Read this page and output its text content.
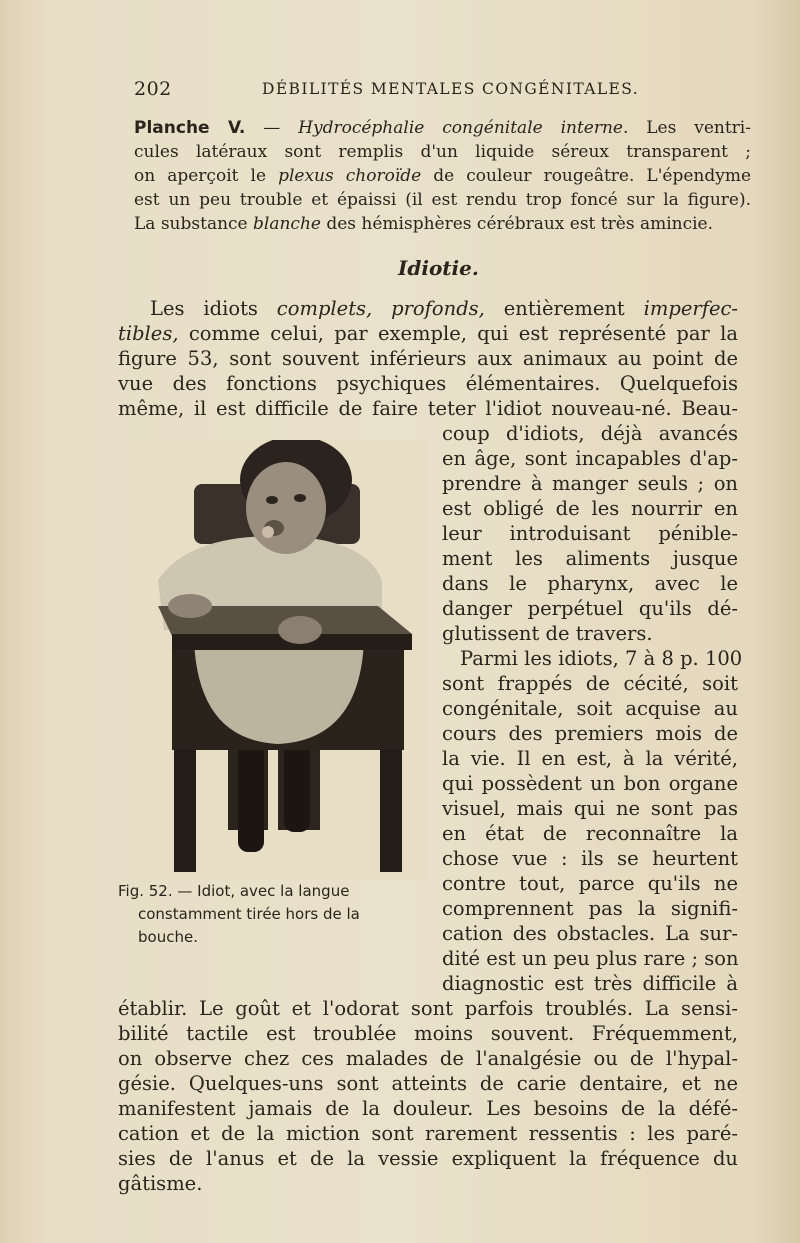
202	DÉBILITÉS MENTALES CONGÉNITALES.
Planche V. — Hydrocéphalie congénitale interne. Les ventri-
cules latéraux sont remplis d'un liquide séreux transparent ;
on aperçoit le plexus choroïde de couleur rougeâtre. L'épendyme
est un peu trouble et épaissi (il est rendu trop foncé sur la figure).
La substance blanche des hémisphères cérébraux est très amincie.
Idiotie.
Les idiots complets, profonds, entièrement imperfec-
tibles, comme celui, par exemple, qui est représenté par la
figure 53, sont souvent inférieurs aux animaux au point de
vue des fonctions psychiques élémentaires. Quelquefois
même, il est difficile de faire teter l'idiot nouveau-né. Beau-
coup d'idiots, déjà avancés
en âge, sont incapables d'ap-
prendre à manger seuls ; on
est obligé de les nourrir en
leur introduisant pénible-
ment les aliments jusque
dans le pharynx, avec le
danger perpétuel qu'ils dé-
glutissent de travers.
Parmi les idiots, 7 à 8 p. 100
sont frappés de cécité, soit
congénitale, soit acquise au
cours des premiers mois de
la vie. Il en est, à la vérité,
qui possèdent un bon organe
visuel, mais qui ne sont pas
en état de reconnaître la
chose vue : ils se heurtent
contre tout, parce qu'ils ne
comprennent pas la signifi-
cation des obstacles. La sur-
dité est un peu plus rare ; son
diagnostic est très difficile à
établir. Le goût et l'odorat sont parfois troublés. La sensi-
bilité tactile est troublée moins souvent. Fréquemment,
on observe chez ces malades de l'analgésie ou de l'hypal-
gésie. Quelques-uns sont atteints de carie dentaire, et ne
manifestent jamais de la douleur. Les besoins de la défé-
cation et de la miction sont rarement ressentis : les paré-
sies de l'anus et de la vessie expliquent la fréquence du
gâtisme.
Fig. 52. — Idiot, avec la langue
constamment tirée hors de la
bouche.
